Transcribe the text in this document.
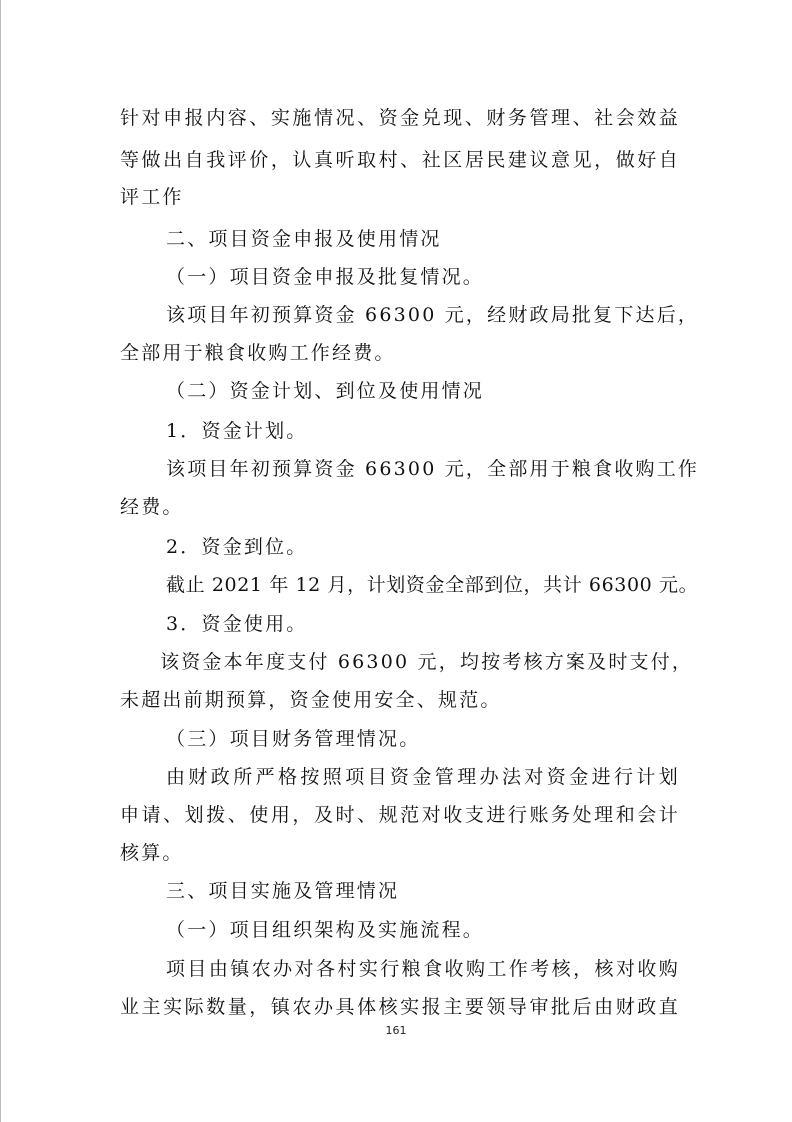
针对申报内容、实施情况、资金兑现、财务管理、社会效益
等做出自我评价，认真听取村、社区居民建议意见，做好自
评工作
二、项目资金申报及使用情况
（一）项目资金申报及批复情况。
该项目年初预算资金 66300 元，经财政局批复下达后，
全部用于粮食收购工作经费。
（二）资金计划、到位及使用情况
1．资金计划。
该项目年初预算资金 66300 元，全部用于粮食收购工作
经费。
2．资金到位。
截止 2021 年 12 月，计划资金全部到位，共计 66300 元。
3．资金使用。
该资金本年度支付 66300 元，均按考核方案及时支付，
未超出前期预算，资金使用安全、规范。
（三）项目财务管理情况。
由财政所严格按照项目资金管理办法对资金进行计划
申请、划拨、使用，及时、规范对收支进行账务处理和会计
核算。
三、项目实施及管理情况
（一）项目组织架构及实施流程。
项目由镇农办对各村实行粮食收购工作考核，核对收购
业主实际数量，镇农办具体核实报主要领导审批后由财政直
161
